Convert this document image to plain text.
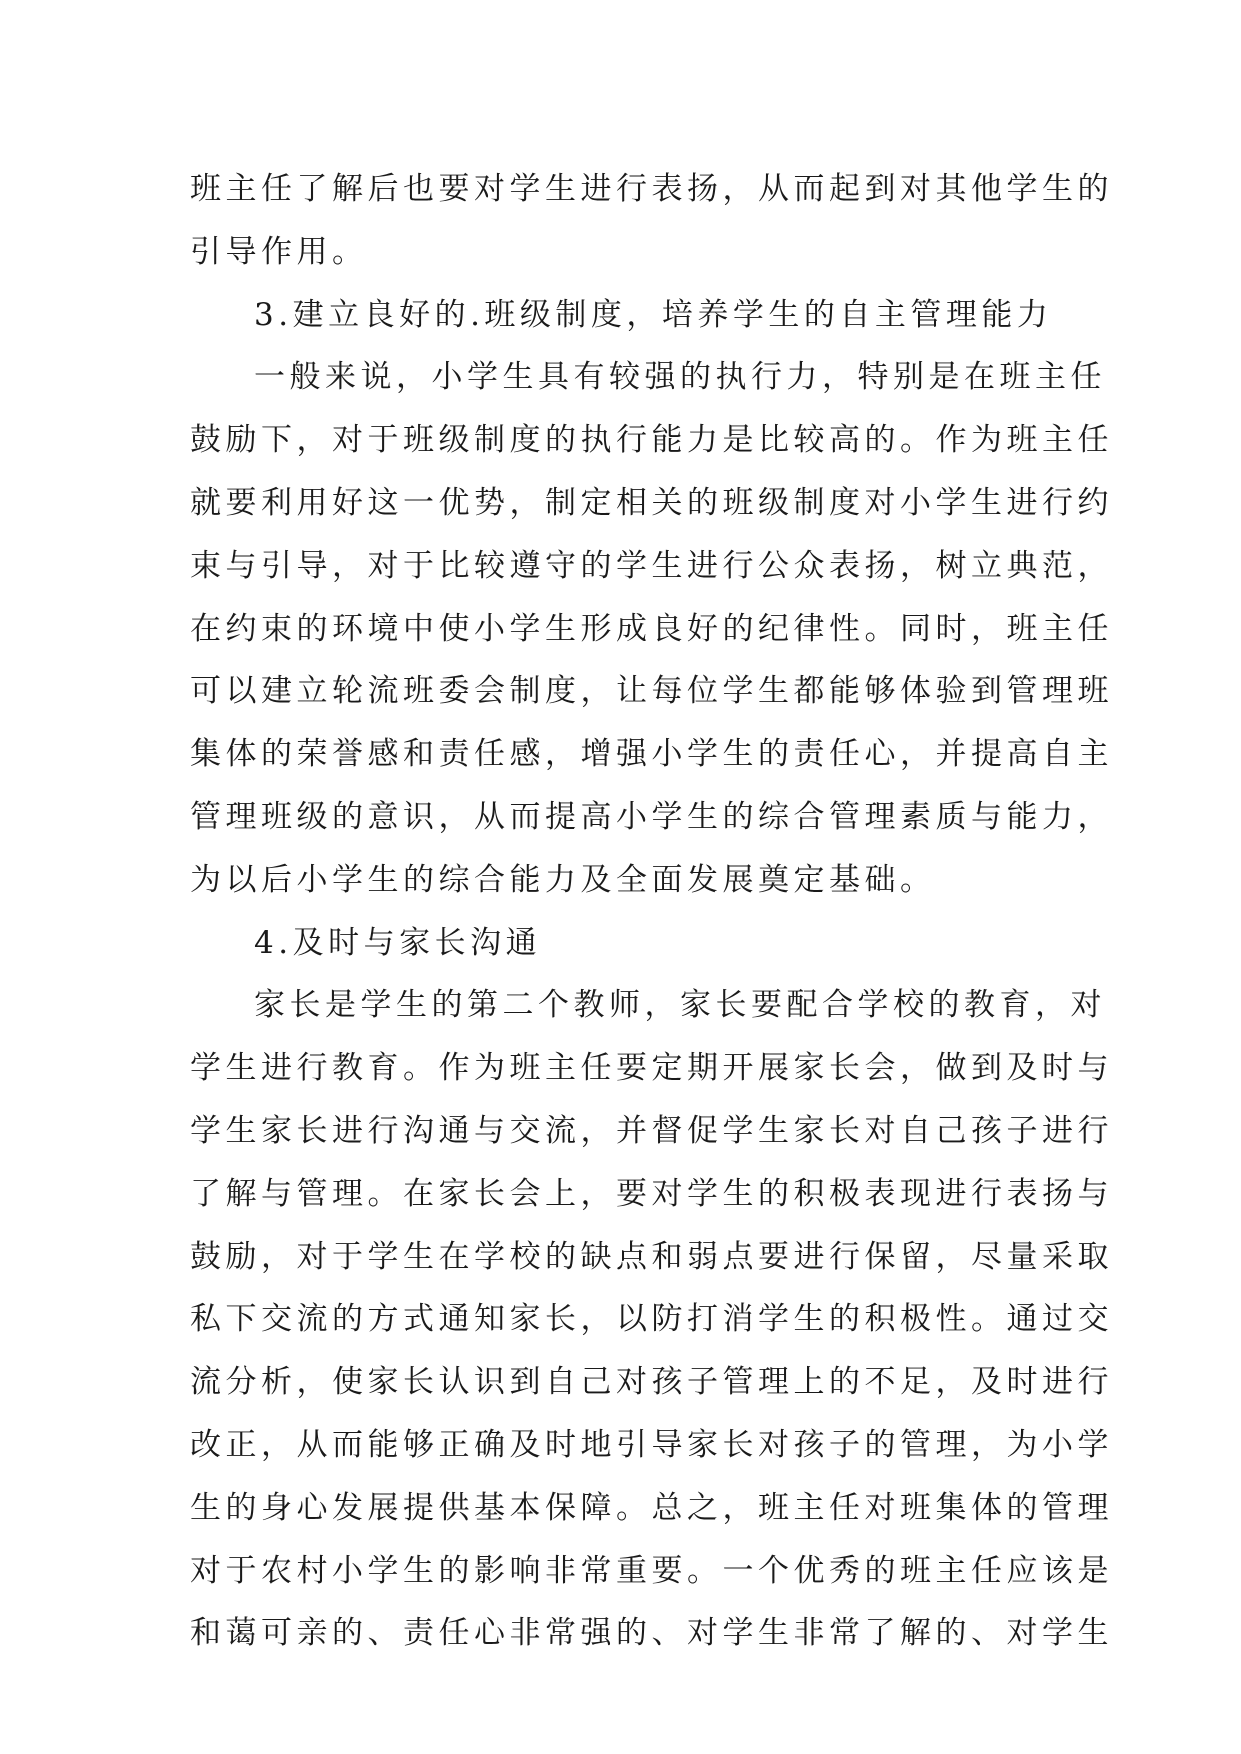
班主任了解后也要对学生进行表扬，从而起到对其他学生的
引导作用。
3.建立良好的.班级制度，培养学生的自主管理能力
一般来说，小学生具有较强的执行力，特别是在班主任
鼓励下，对于班级制度的执行能力是比较高的。作为班主任
就要利用好这一优势，制定相关的班级制度对小学生进行约
束与引导，对于比较遵守的学生进行公众表扬，树立典范，
在约束的环境中使小学生形成良好的纪律性。同时，班主任
可以建立轮流班委会制度，让每位学生都能够体验到管理班
集体的荣誉感和责任感，增强小学生的责任心，并提高自主
管理班级的意识，从而提高小学生的综合管理素质与能力，
为以后小学生的综合能力及全面发展奠定基础。
4.及时与家长沟通
家长是学生的第二个教师，家长要配合学校的教育，对
学生进行教育。作为班主任要定期开展家长会，做到及时与
学生家长进行沟通与交流，并督促学生家长对自己孩子进行
了解与管理。在家长会上，要对学生的积极表现进行表扬与
鼓励，对于学生在学校的缺点和弱点要进行保留，尽量采取
私下交流的方式通知家长，以防打消学生的积极性。通过交
流分析，使家长认识到自己对孩子管理上的不足，及时进行
改正，从而能够正确及时地引导家长对孩子的管理，为小学
生的身心发展提供基本保障。总之，班主任对班集体的管理
对于农村小学生的影响非常重要。一个优秀的班主任应该是
和蔼可亲的、责任心非常强的、对学生非常了解的、对学生
